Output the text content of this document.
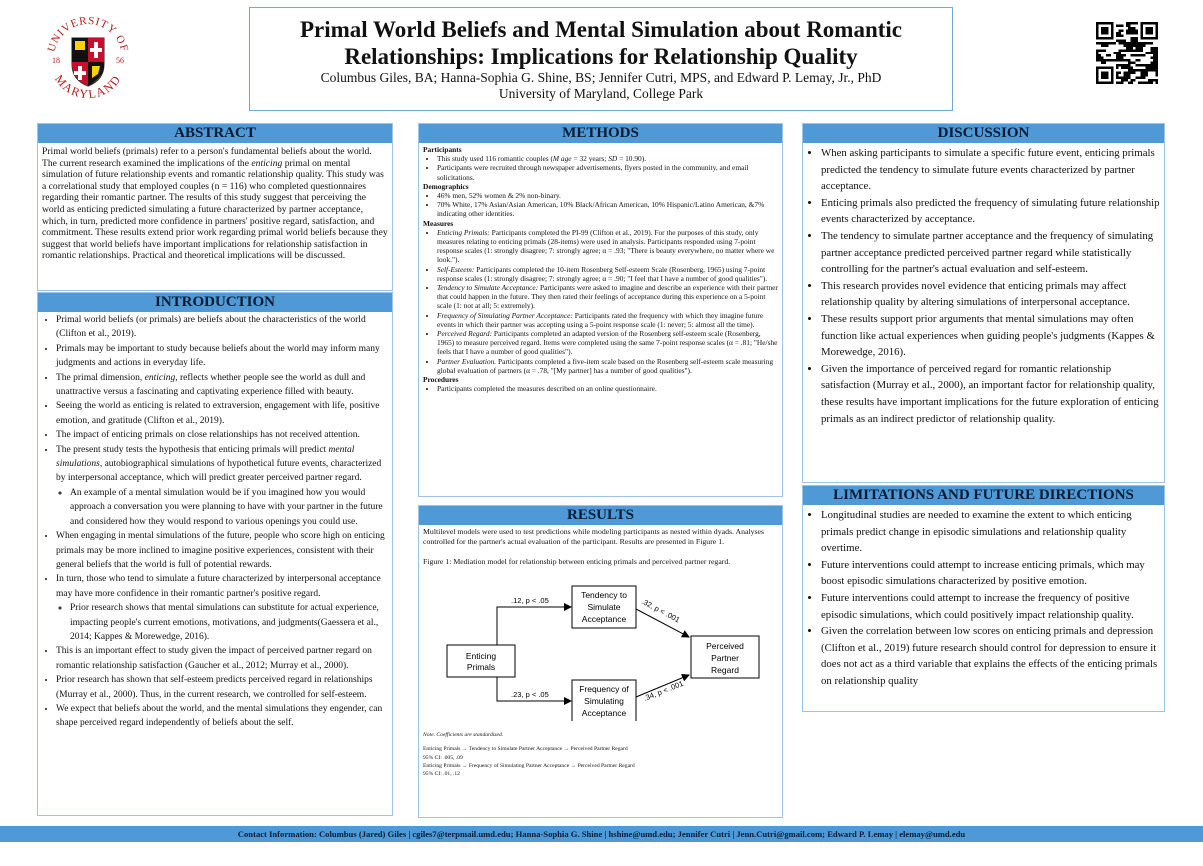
UNIVERSITY OF
MARYLAND
18	56
Primal World Beliefs and Mental Simulation about Romantic Relationships: Implications for Relationship Quality
Columbus Giles, BA; Hanna-Sophia G. Shine, BS; Jennifer Cutri, MPS, and Edward P. Lemay, Jr., PhD
University of Maryland, College Park
ABSTRACT

Primal world beliefs (primals) refer to a person's fundamental beliefs about the world. The current research examined the implications of the enticing primal on mental simulation of future relationship events and romantic relationship quality. This study was a correlational study that employed couples (n = 116) who completed questionnaires regarding their romantic partner. The results of this study suggest that perceiving the world as enticing predicted simulating a future characterized by partner acceptance, which, in turn, predicted more confidence in partners' positive regard, satisfaction, and commitment. These results extend prior work regarding primal world beliefs because they suggest that world beliefs have important implications for relationship satisfaction in romantic relationships. Practical and theoretical implications will be discussed.

INTRODUCTION
• Primal world beliefs (or primals) are beliefs about the characteristics of the world (Clifton et al., 2019).
• Primals may be important to study because beliefs about the world may inform many judgments and actions in everyday life.
• The primal dimension, enticing, reflects whether people see the world as dull and unattractive versus a fascinating and captivating experience filled with beauty.
• Seeing the world as enticing is related to extraversion, engagement with life, positive emotion, and gratitude (Clifton et al., 2019).
• The impact of enticing primals on close relationships has not received attention.
• The present study tests the hypothesis that enticing primals will predict mental simulations, autobiographical simulations of hypothetical future events, characterized by interpersonal acceptance, which will predict greater perceived partner regard.
◦ An example of a mental simulation would be if you imagined how you would approach a conversation you were planning to have with your partner in the future and considered how they would respond to various openings you could use.
• When engaging in mental simulations of the future, people who score high on enticing primals may be more inclined to imagine positive experiences, consistent with their general beliefs that the world is full of potential rewards.
• In turn, those who tend to simulate a future characterized by interpersonal acceptance may have more confidence in their romantic partner's positive regard.
◦ Prior research shows that mental simulations can substitute for actual experience, impacting people's current emotions, motivations, and judgments(Gaessera et al., 2014; Kappes & Morewedge, 2016).
• This is an important effect to study given the impact of perceived partner regard on romantic relationship satisfaction (Gaucher et al., 2012; Murray et al., 2000).
• Prior research has shown that self-esteem predicts perceived regard in relationships (Murray et al., 2000). Thus, in the current research, we controlled for self-esteem.
• We expect that beliefs about the world, and the mental simulations they engender, can shape perceived regard independently of beliefs about the self.
METHODS
Participants
• This study used 116 romantic couples (M age = 32 years; SD = 10.90).
• Participants were recruited through newspaper advertisements, flyers posted in the community, and email solicitations.
Demographics
• 46% men, 52% women & 2% non-binary.
• 70% White, 17% Asian/Asian American, 10% Black/African American, 10% Hispanic/Latino American, &7% indicating other identities.
Measures
• Enticing Primals: Participants completed the PI-99 (Clifton et al., 2019). For the purposes of this study, only measures relating to enticing primals (28-items) were used in analysis. Participants responded using 7-point response scales (1: strongly disagree; 7: strongly agree; α = .93; "There is beauty everywhere, no matter where we look.").
• Self-Esteem: Participants completed the 10-item Rosenberg Self-esteem Scale (Rosenberg, 1965) using 7-point response scales (1: strongly disagree; 7: strongly agree; α = .90; "I feel that I have a number of good qualities").
• Tendency to Simulate Acceptance: Participants were asked to imagine and describe an experience with their partner that could happen in the future. They then rated their feelings of acceptance during this experience on a 5-point scale (1: not at all; 5: extremely).
• Frequency of Simulating Partner Acceptance: Participants rated the frequency with which they imagine future events in which their partner was accepting using a 5-point response scale (1: never; 5: almost all the time).
• Perceived Regard: Participants completed an adapted version of the Rosenberg self-esteem scale (Rosenberg, 1965) to measure perceived regard. Items were completed using the same 7-point response scales (α = .81; "He/she feels that I have a number of good qualities").
• Partner Evaluation. Participants completed a five-item scale based on the Rosenberg self-esteem scale measuring global evaluation of partners (α = .78, "[My partner] has a number of good qualities").
Procedures
• Participants completed the measures described on an online questionnaire.
RESULTS

Multilevel models were used to test predictions while modeling participants as nested within dyads. Analyses controlled for the partner's actual evaluation of the participant. Results are presented in Figure 1.

Figure 1: Mediation model for relationship between enticing primals and perceived partner regard.

Enticing
Primals
Tendency to
Simulate
Acceptance
Frequency of
Simulating
Acceptance
Perceived
Partner
Regard
.12, p < .05
.23, p < .05
.32, p < .001
.34, p < .001
Note. Coefficients are standardized.
Enticing Primals → Tendency to Simulate Partner Acceptance → Perceived Partner Regard
95% CI: .005, .09
Enticing Primals → Frequency of Simulating Partner Acceptance → Perceived Partner Regard
95% CI: .01, .12
DISCUSSION
• When asking participants to simulate a specific future event, enticing primals predicted the tendency to simulate future events characterized by partner acceptance.
• Enticing primals also predicted the frequency of simulating future relationship events characterized by acceptance.
• The tendency to simulate partner acceptance and the frequency of simulating partner acceptance predicted perceived partner regard while statistically controlling for the partner's actual evaluation and self-esteem.
• This research provides novel evidence that enticing primals may affect relationship quality by altering simulations of interpersonal acceptance.
• These results support prior arguments that mental simulations may often function like actual experiences when guiding people's judgments (Kappes & Morewedge, 2016).
• Given the importance of perceived regard for romantic relationship satisfaction (Murray et al., 2000), an important factor for relationship quality, these results have important implications for the future exploration of enticing primals as an indirect predictor of relationship quality.
LIMITATIONS AND FUTURE DIRECTIONS
• Longitudinal studies are needed to examine the extent to which enticing primals predict change in episodic simulations and relationship quality overtime.
• Future interventions could attempt to increase enticing primals, which may boost episodic simulations characterized by positive emotion.
• Future interventions could attempt to increase the frequency of positive episodic simulations, which could positively impact relationship quality.
• Given the correlation between low scores on enticing primals and depression (Clifton et al., 2019) future research should control for depression to ensure it does not act as a third variable that explains the effects of the enticing primals on relationship quality
Contact Information: Columbus (Jared) Giles | cgiles7@terpmail.umd.edu; Hanna-Sophia G. Shine | hshine@umd.edu; Jennifer Cutri | Jenn.Cutri@gmail.com; Edward P. Lemay | elemay@umd.edu
